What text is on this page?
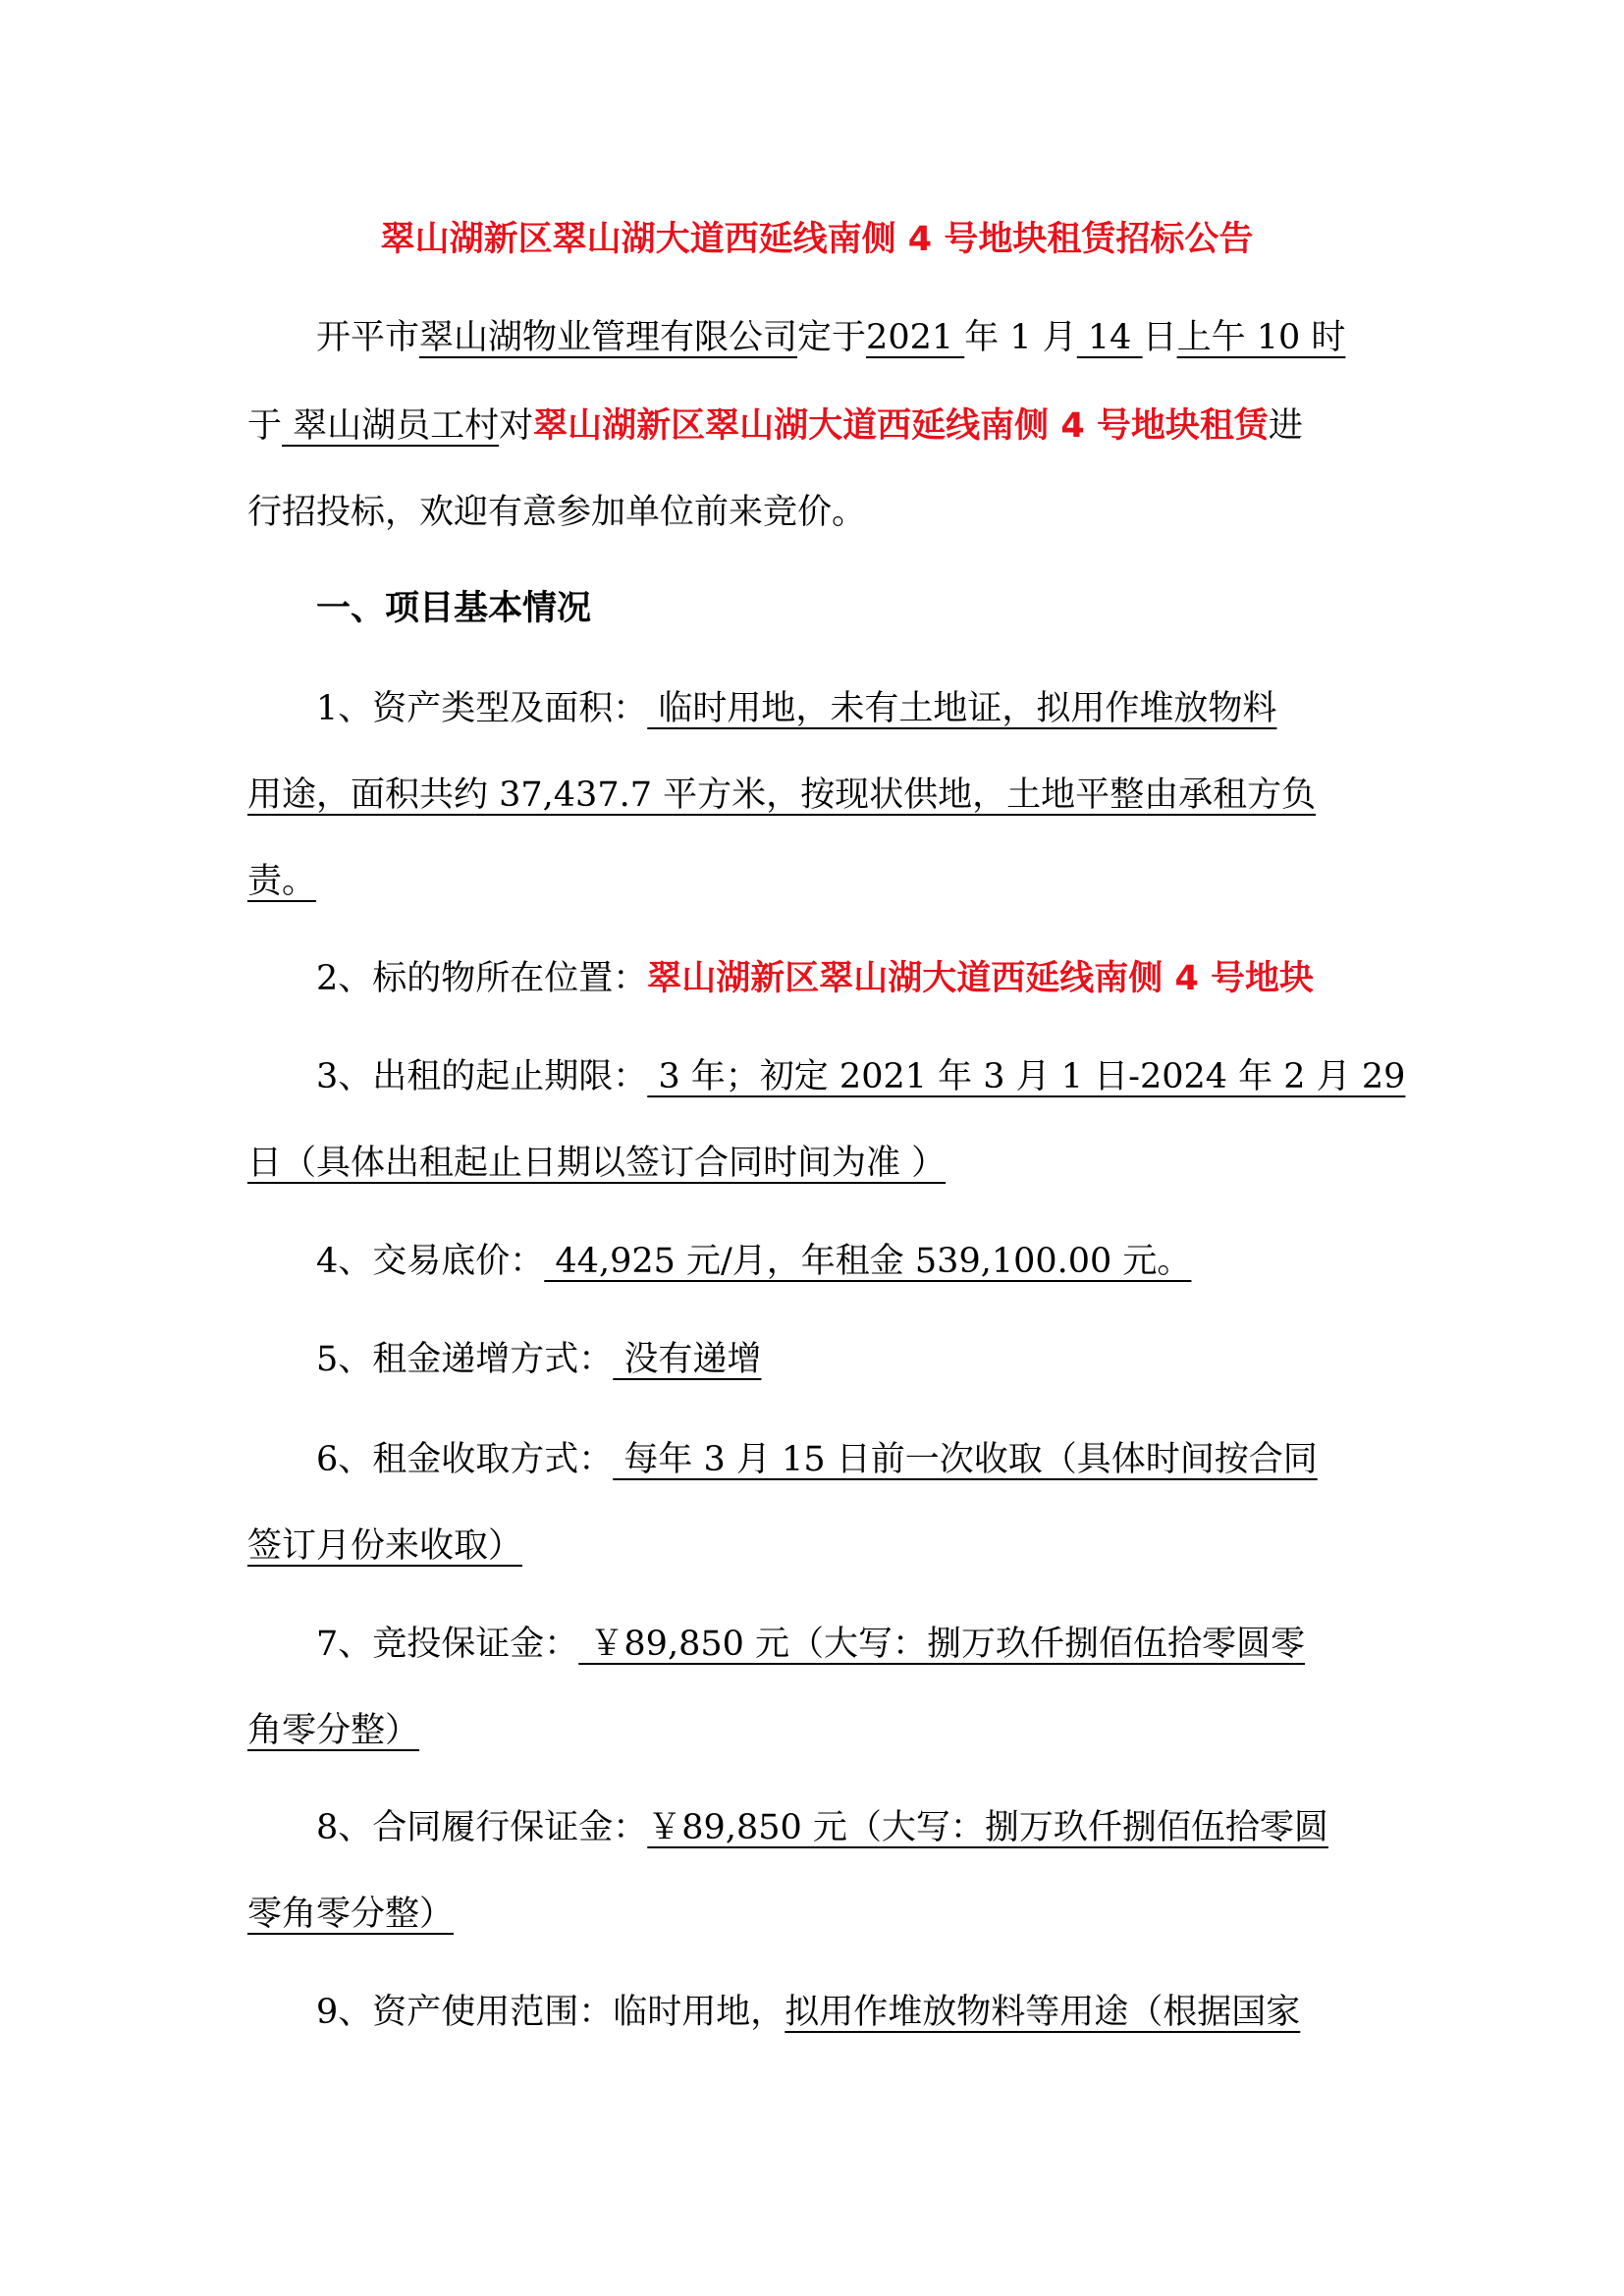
翠山湖新区翠山湖大道西延线南侧 4 号地块租赁招标公告
开平市翠山湖物业管理有限公司定于2021 年 1 月 14 日上午 10 时
于 翠山湖员工村对翠山湖新区翠山湖大道西延线南侧 4 号地块租赁进
行招投标，欢迎有意参加单位前来竞价。
一、项目基本情况
1、资产类型及面积： 临时用地，未有土地证，拟用作堆放物料
用途，面积共约 37,437.7 平方米，按现状供地，土地平整由承租方负
责。
2、标的物所在位置：翠山湖新区翠山湖大道西延线南侧 4 号地块
3、出租的起止期限： 3 年；初定 2021 年 3 月 1 日-2024 年 2 月 29
日（具体出租起止日期以签订合同时间为准 ）
4、交易底价： 44,925 元/月，年租金 539,100.00 元。
5、租金递增方式： 没有递增
6、租金收取方式： 每年 3 月 15 日前一次收取（具体时间按合同
签订月份来收取）
7、竞投保证金： ￥89,850 元（大写：捌万玖仟捌佰伍拾零圆零
角零分整）
8、合同履行保证金：￥89,850 元（大写：捌万玖仟捌佰伍拾零圆
零角零分整）
9、资产使用范围：临时用地，拟用作堆放物料等用途（根据国家
